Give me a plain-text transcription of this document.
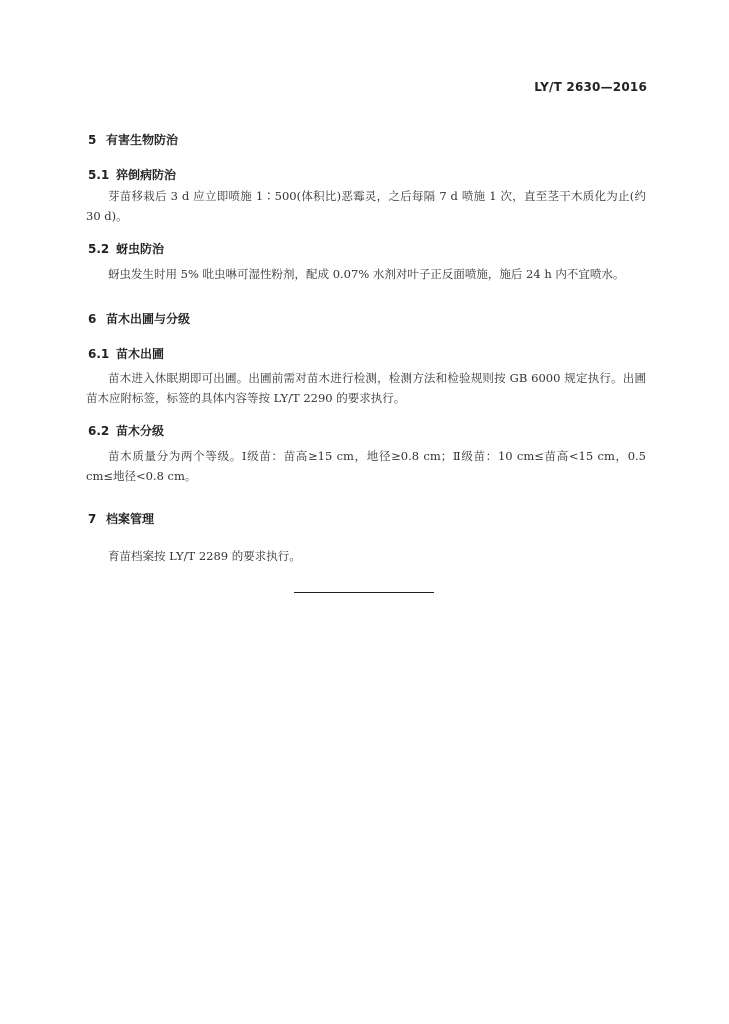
LY/T 2630—2016
5 有害生物防治
5.1 猝倒病防治

芽苗移栽后 3 d 应立即喷施 1∶500(体积比)恶霉灵，之后每隔 7 d 喷施 1 次，直至茎干木质化为止(约 30 d)。

5.2 蚜虫防治

蚜虫发生时用 5% 吡虫啉可湿性粉剂，配成 0.07% 水剂对叶子正反面喷施，施后 24 h 内不宜喷水。

6 苗木出圃与分级
6.1 苗木出圃

苗木进入休眠期即可出圃。出圃前需对苗木进行检测，检测方法和检验规则按 GB 6000 规定执行。出圃苗木应附标签，标签的具体内容等按 LY/T 2290 的要求执行。

6.2 苗木分级

苗木质量分为两个等级。Ⅰ级苗：苗高≥15 cm，地径≥0.8 cm；Ⅱ级苗：10 cm≤苗高<15 cm，0.5 cm≤地径<0.8 cm。

7 档案管理

育苗档案按 LY/T 2289 的要求执行。
